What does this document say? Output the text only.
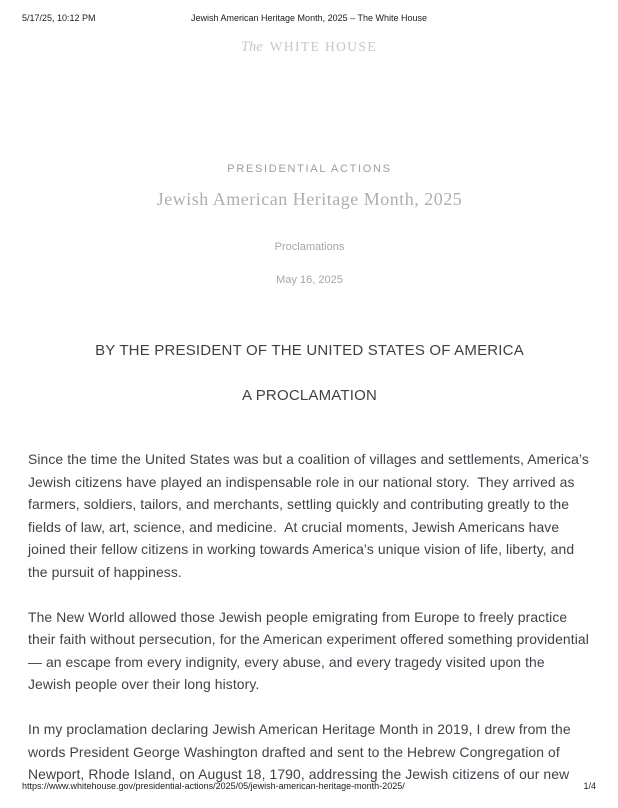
5/17/25, 10:12 PM	Jewish American Heritage Month, 2025 – The White House
The WHITE HOUSE
PRESIDENTIAL ACTIONS
Jewish American Heritage Month, 2025
Proclamations
May 16, 2025
BY THE PRESIDENT OF THE UNITED STATES OF AMERICA
A PROCLAMATION

Since the time the United States was but a coalition of villages and settlements, America’s Jewish citizens have played an indispensable role in our national story.  They arrived as farmers, soldiers, tailors, and merchants, settling quickly and contributing greatly to the fields of law, art, science, and medicine.  At crucial moments, Jewish Americans have joined their fellow citizens in working towards America’s unique vision of life, liberty, and the pursuit of happiness.

The New World allowed those Jewish people emigrating from Europe to freely practice their faith without persecution, for the American experiment offered something providential — an escape from every indignity, every abuse, and every tragedy visited upon the Jewish people over their long history.

In my proclamation declaring Jewish American Heritage Month in 2019, I drew from the words President George Washington drafted and sent to the Hebrew Congregation of Newport, Rhode Island, on August 18, 1790, addressing the Jewish citizens of our new

https://www.whitehouse.gov/presidential-actions/2025/05/jewish-american-heritage-month-2025/	1/4
